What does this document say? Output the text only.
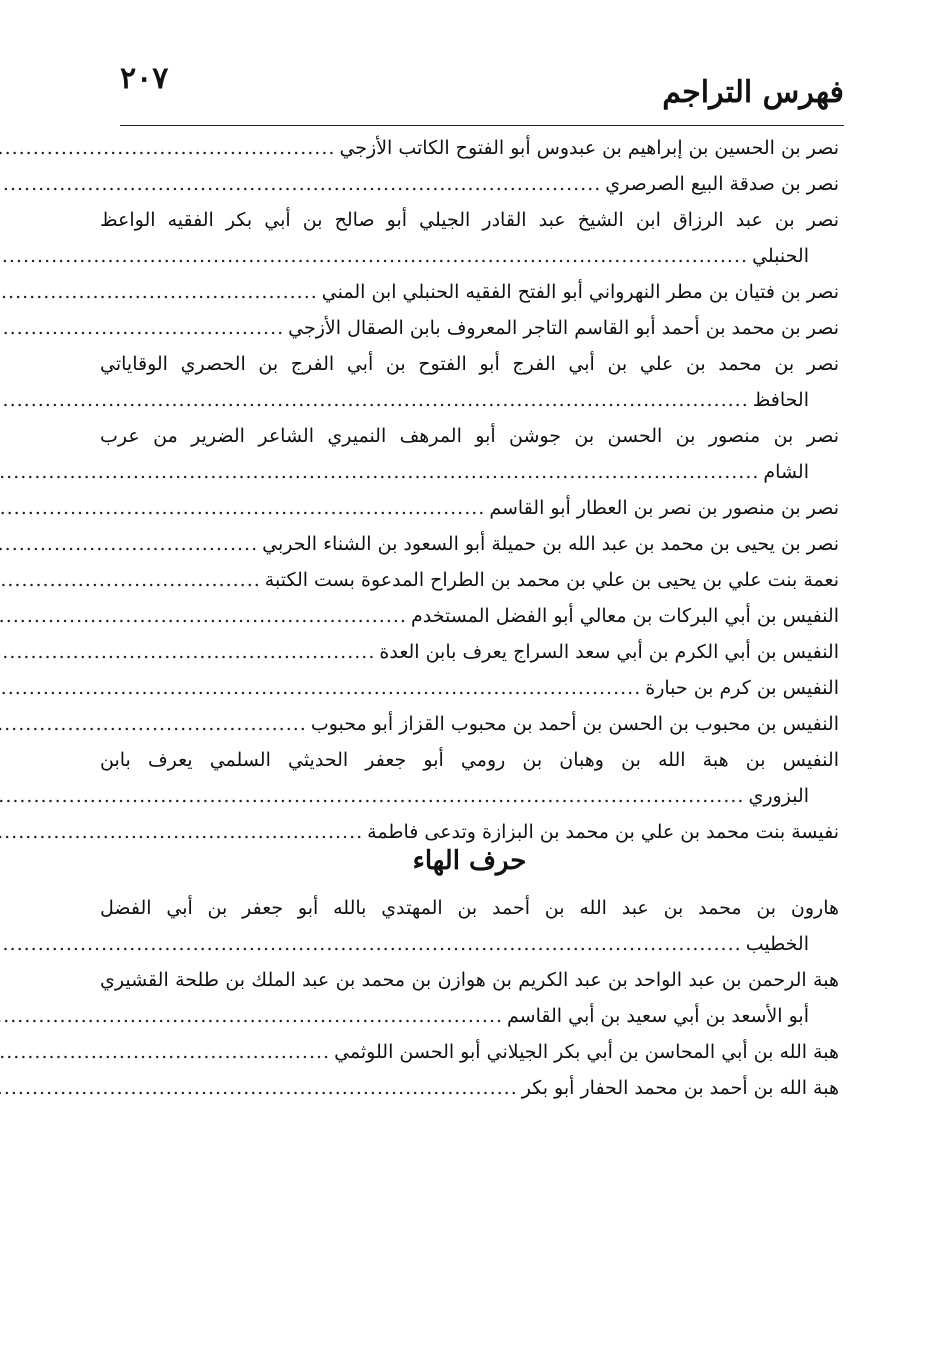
٢٠٧	فهرس التراجم
نصر بن الحسين بن إبراهيم بن عبدوس أبو الفتوح الكاتب الأزجي
.....
نصر بن صدقة البيع الصرصري
.....
نصر بن عبد الرزاق ابن الشيخ عبد القادر الجيلي أبو صالح بن أبي بكر الفقيه الواعظ
الحنبلي
.....
نصر بن فتيان بن مطر النهرواني أبو الفتح الفقيه الحنبلي ابن المني
.....
نصر بن محمد بن أحمد أبو القاسم التاجر المعروف بابن الصقال الأزجي
.....
نصر بن محمد بن علي بن أبي الفرج أبو الفتوح بن أبي الفرج بن الحصري الوقاياتي
الحافظ
.....
نصر بن منصور بن الحسن بن جوشن أبو المرهف النميري الشاعر الضرير من عرب
الشام
.....
نصر بن منصور بن نصر بن العطار أبو القاسم
.....
نصر بن يحيى بن محمد بن عبد الله بن حميلة أبو السعود بن الشناء الحربي
.....
نعمة بنت علي بن يحيى بن علي بن محمد بن الطراح المدعوة بست الكتبة
.....
النفيس بن أبي البركات بن معالي أبو الفضل المستخدم
.....
النفيس بن أبي الكرم بن أبي سعد السراج يعرف بابن العدة
.....
النفيس بن كرم بن حبارة
.....
النفيس بن محبوب بن الحسن بن أحمد بن محبوب القزاز أبو محبوب
.....
النفيس بن هبة الله بن وهبان بن رومي أبو جعفر الحديثي السلمي يعرف بابن
البزوري
.....
نفيسة بنت محمد بن علي بن محمد بن البزازة وتدعى فاطمة
.....
حرف الهاء
هارون بن محمد بن عبد الله بن أحمد بن المهتدي بالله أبو جعفر بن أبي الفضل
الخطيب
.....
هبة الرحمن بن عبد الواحد بن عبد الكريم بن هوازن بن محمد بن عبد الملك بن طلحة القشيري
أبو الأسعد بن أبي سعيد بن أبي القاسم
.....
هبة الله بن أبي المحاسن بن أبي بكر الجيلاني أبو الحسن اللوثمي
.....
هبة الله بن أحمد بن محمد الحفار أبو بكر
.....
